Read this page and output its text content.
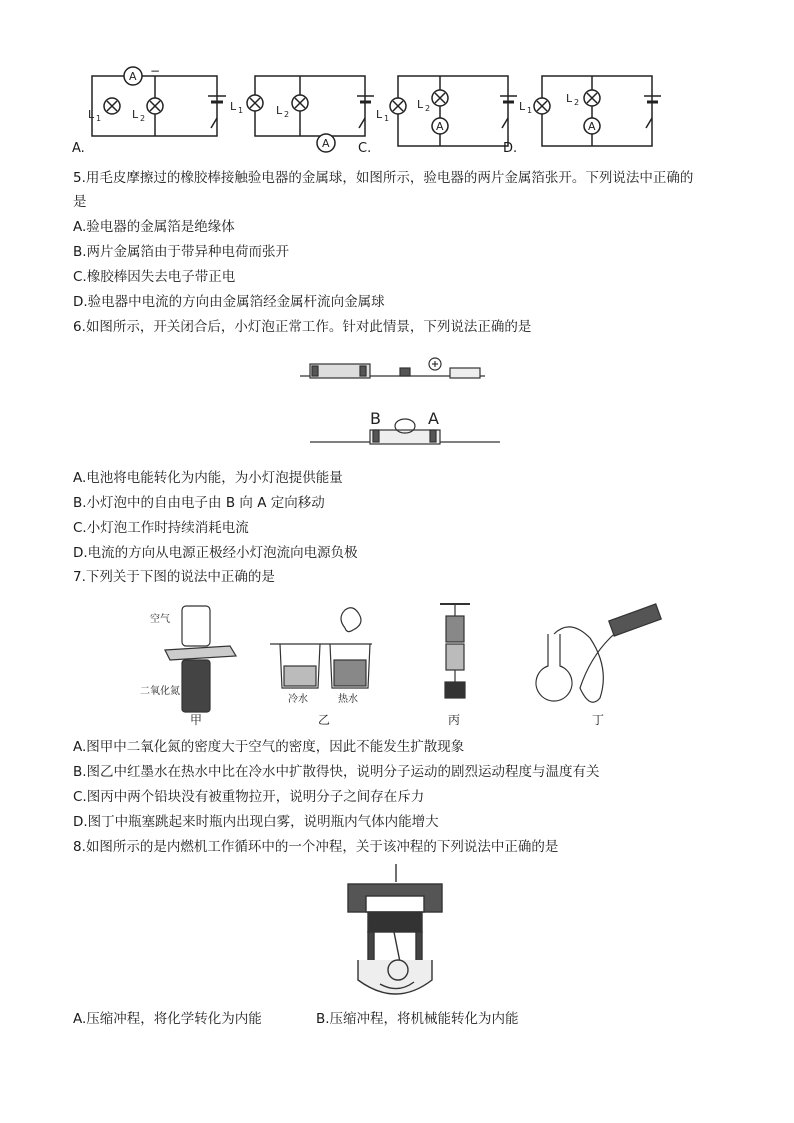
A
A
A	A
L 1	L 2
L 1	L 2	L 1
L 2	L 1
L 2
−
A.	C.	D.
5.用毛皮摩擦过的橡胶棒接触验电器的金属球，如图所示，验电器的两片金属箔张开。下列说法中正确的
是
A.验电器的金属箔是绝缘体
B.两片金属箔由于带异种电荷而张开
C.橡胶棒因失去电子带正电
D.验电器中电流的方向由金属箔经金属杆流向金属球
6.如图所示，开关闭合后，小灯泡正常工作。针对此情景，下列说法正确的是
B	A
A.电池将电能转化为内能，为小灯泡提供能量
B.小灯泡中的自由电子由 B 向 A 定向移动
C.小灯泡工作时持续消耗电流
D.电流的方向从电源正极经小灯泡流向电源负极
7.下列关于下图的说法中正确的是
空气
二氧化氮
冷水	热水
甲	乙	丙	丁
A.图甲中二氧化氮的密度大于空气的密度，因此不能发生扩散现象
B.图乙中红墨水在热水中比在冷水中扩散得快，说明分子运动的剧烈运动程度与温度有关
C.图丙中两个铅块没有被重物拉开，说明分子之间存在斥力
D.图丁中瓶塞跳起来时瓶内出现白雾，说明瓶内气体内能增大
8.如图所示的是内燃机工作循环中的一个冲程，关于该冲程的下列说法中正确的是
A.压缩冲程，将化学转化为内能	B.压缩冲程，将机械能转化为内能
